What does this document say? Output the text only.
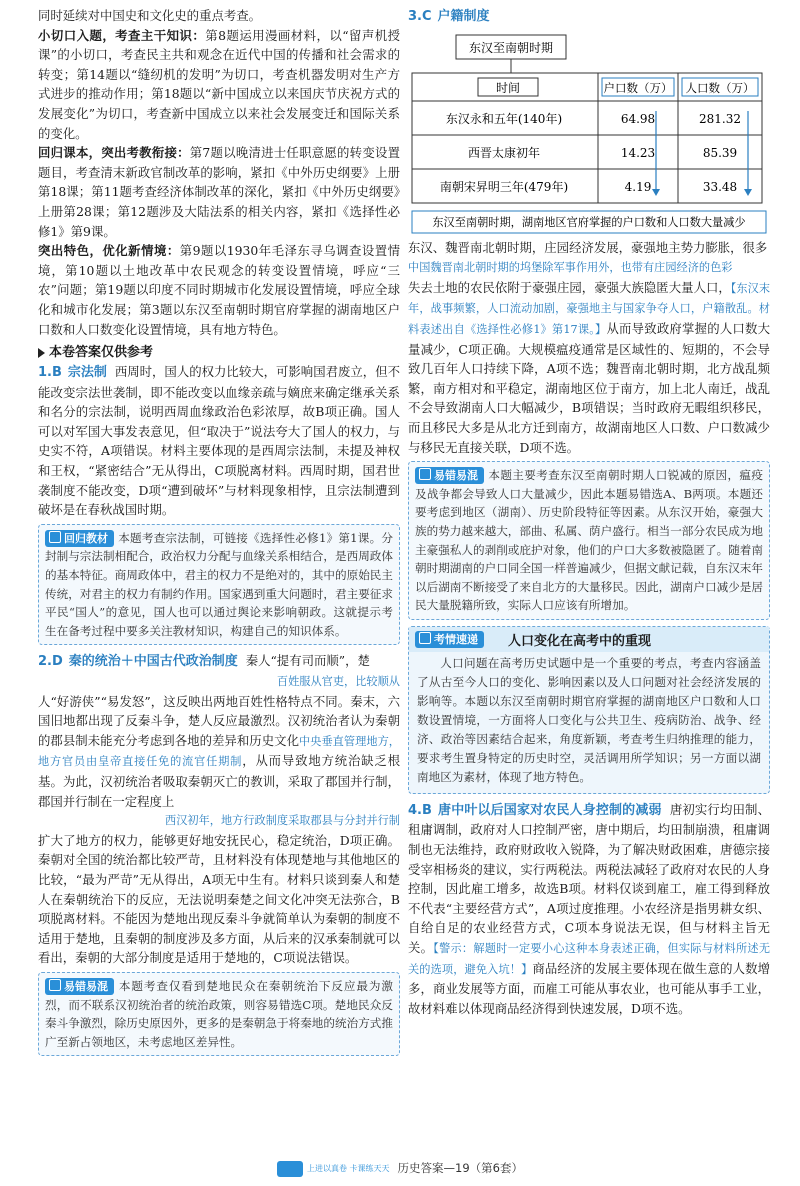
同时延续对中国史和文化史的重点考查。

小切口入题，考查主干知识：第8题运用漫画材料，以“留声机授课”的小切口，考查民主共和观念在近代中国的传播和社会需求的转变；第14题以“缝纫机的发明”为切口，考查机器发明对生产方式进步的推动作用；第18题以“新中国成立以来国庆节庆祝方式的发展变化”为切口，考查新中国成立以来社会发展变迁和国际关系的变化。

回归课本，突出考教衔接：第7题以晚清进士任职意愿的转变设置题目，考查清末新政官制改革的影响，紧扣《中外历史纲要》上册第18课；第11题考查经济体制改革的深化，紧扣《中外历史纲要》上册第28课；第12题涉及大陆法系的相关内容，紧扣《选择性必修1》第9课。

突出特色，优化新情境：第9题以1930年毛泽东寻乌调查设置情境，第10题以土地改革中农民观念的转变设置情境，呼应“三农”问题；第19题以印度不同时期城市化发展设置情境，呼应全球化和城市化发展；第3题以东汉至南朝时期官府掌握的湖南地区户口数和人口数变化设置情境，具有地方特色。

本卷答案仅供参考

1.B 宗法制 西周时，国人的权力比较大，可影响国君废立，但不能改变宗法世袭制，即不能改变以血缘亲疏与嫡庶来确定继承关系和名分的宗法制，说明西周血缘政治色彩浓厚，故B项正确。国人可以对军国大事发表意见，但“取决于”说法夸大了国人的权力，与史实不符，A项错误。材料主要体现的是西周宗法制，未提及神权和王权，“紧密结合”无从得出，C项脱离材料。西周时期，国君世袭制度不能改变，D项“遭到破坏”与材料现象相悖，且宗法制遭到破坏是在春秋战国时期。

回归教材 本题考查宗法制，可链接《选择性必修1》第1课。分封制与宗法制相配合，政治权力分配与血缘关系相结合，是西周政体的基本特征。商周政体中，君主的权力不是绝对的，其中的原始民主传统，对君主的权力有制约作用。国家遇到重大问题时，君主要征求平民“国人”的意见，国人也可以通过舆论来影响朝政。这就提示考生在备考过程中要多关注教材知识，构建自己的知识体系。

2.D 秦的统治＋中国古代政治制度 秦人“提有司而顺”，楚

百姓服从官吏，比较顺从
人“好游侠”“易发怒”，这反映出两地百姓性格特点不同。秦末，六国旧地都出现了反秦斗争，楚人反应最激烈。汉初统治者认为秦朝的郡县制未能充分考虑到各地的差异和历史文化中央垂直管理地方，地方官员由皇帝直接任免的流官任期制，从而导致地方统治缺乏根基。为此，汉初统治者吸取秦朝灭亡的教训，采取了郡国并行制，郡国并行制在一定程度上
西汉初年，地方行政制度采取郡县与分封并行制
扩大了地方的权力，能够更好地安抚民心，稳定统治，D项正确。秦朝对全国的统治都比较严苛，且材料没有体现楚地与其他地区的比较，“最为严苛”无从得出，A项无中生有。材料只谈到秦人和楚人在秦朝统治下的反应，无法说明秦楚之间文化冲突无法弥合，B项脱离材料。不能因为楚地出现反秦斗争就简单认为秦朝的制度不适用于楚地，且秦朝的制度涉及多方面，从后来的汉承秦制就可以看出，秦朝的大部分制度是适用于楚地的，C项说法错误。

易错易混 本题考查仅看到楚地民众在秦朝统治下反应最为激烈，而不联系汉初统治者的统治政策，则容易错选C项。楚地民众反秦斗争激烈，除历史原因外，更多的是秦朝急于将秦地的统治方式推广至新占领地区，未考虑地区差异性。

3.C 户籍制度

东汉至南朝时期
时间	户口数（万） 人口数（万）
东汉永和五年(140年)	64.98	281.32
西晋太康初年	14.23	85.39
南朝宋昇明三年(479年)	4.19	33.48
东汉至南朝时期，湖南地区官府掌握的户口数和人口数大量减少

东汉、魏晋南北朝时期，庄园经济发展，豪强地主势力膨胀，很多
中国魏晋南北朝时期的坞堡除军事作用外，也带有庄园经济的色彩
失去土地的农民依附于豪强庄园，豪强大族隐匿大量人口，【东汉末年，战事频繁，人口流动加剧，豪强地主与国家争夺人口，户籍散乱。材料表述出自《选择性必修1》第17课。】从而导致政府掌握的人口数大量减少，C项正确。大规模瘟疫通常是区域性的、短期的，不会导致几百年人口持续下降，A项不选；魏晋南北朝时期，北方战乱频繁，南方相对和平稳定，湖南地区位于南方，加上北人南迁，战乱不会导致湖南人口大幅减少，B项错误；当时政府无暇组织移民，而且移民大多是从北方迁到南方，故湖南地区人口数、户口数减少与移民无直接关联，D项不选。

易错易混 本题主要考查东汉至南朝时期人口锐减的原因，瘟疫及战争都会导致人口大量减少，因此本题易错选A、B两项。本题还要考虑到地区（湖南）、历史阶段特征等因素。从东汉开始，豪强大族的势力越来越大，部曲、私属、荫户盛行。相当一部分农民成为地主豪强私人的剥削或庇护对象，他们的户口大多数被隐匿了。随着南朝时期湖南的户口同全国一样普遍减少，但据文献记载，自东汉末年以后湖南不断接受了来自北方的大量移民。因此，湖南户口减少是居民大量脱籍所致，实际人口应该有所增加。

考情速递	人口变化在高考中的重现

人口问题在高考历史试题中是一个重要的考点，考查内容涵盖了从古至今人口的变化、影响因素以及人口问题对社会经济发展的影响等。本题以东汉至南朝时期官府掌握的湖南地区户口数和人口数设置情境，一方面将人口变化与公共卫生、疫病防治、战争、经济、政治等因素结合起来，角度新颖，考查考生归纳推理的能力，要求考生置身特定的历史时空，灵活调用所学知识；另一方面以湖南地区为素材，体现了地方特色。

4.B 唐中叶以后国家对农民人身控制的减弱 唐初实行均田制、租庸调制，政府对人口控制严密，唐中期后，均田制崩溃，租庸调制也无法维持，政府财政收入锐降，为了解决财政困难，唐德宗接受宰相杨炎的建议，实行两税法。两税法减轻了政府对农民的人身控制，因此雇工增多，故选B项。材料仅谈到雇工，雇工得到释放不代表“主要经营方式”，A项过度推理。小农经济是指男耕女织、自给自足的农业经营方式，C项本身说法无误，但与材料主旨无关。【警示：解题时一定要小心这种本身表述正确，但实际与材料所述无关的选项，避免入坑！】商品经济的发展主要体现在做生意的人数增多，商业发展等方面，而雇工可能从事农业，也可能从事手工业，故材料难以体现商品经济得到快速发展，D项不选。

上进以真卷 卡课练天天 历史答案—19（第6套）
